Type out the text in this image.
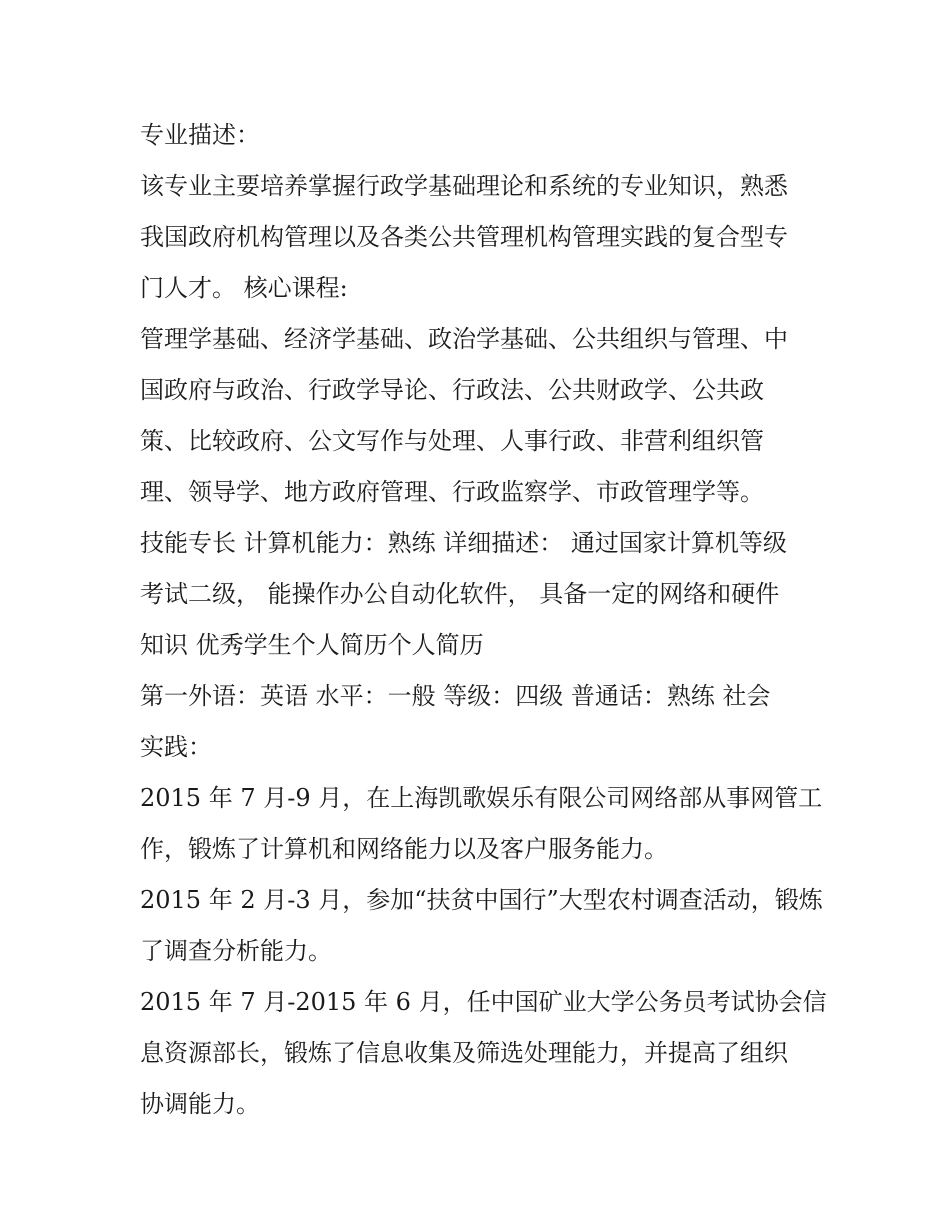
专业描述：
该专业主要培养掌握行政学基础理论和系统的专业知识，熟悉
我国政府机构管理以及各类公共管理机构管理实践的复合型专
门人才。 核心课程:
管理学基础、经济学基础、政治学基础、公共组织与管理、中
国政府与政治、行政学导论、行政法、公共财政学、公共政
策、比较政府、公文写作与处理、人事行政、非营利组织管
理、领导学、地方政府管理、行政监察学、市政管理学等。
技能专长 计算机能力：熟练 详细描述： 通过国家计算机等级
考试二级， 能操作办公自动化软件， 具备一定的网络和硬件
知识 优秀学生个人简历个人简历
第一外语：英语 水平：一般 等级：四级 普通话：熟练 社会
实践：
2015 年 7 月-9 月，在上海凯歌娱乐有限公司网络部从事网管工
作，锻炼了计算机和网络能力以及客户服务能力。
2015 年 2 月-3 月，参加“扶贫中国行”大型农村调查活动，锻炼
了调查分析能力。
2015 年 7 月-2015 年 6 月，任中国矿业大学公务员考试协会信
息资源部长，锻炼了信息收集及筛选处理能力，并提高了组织
协调能力。
